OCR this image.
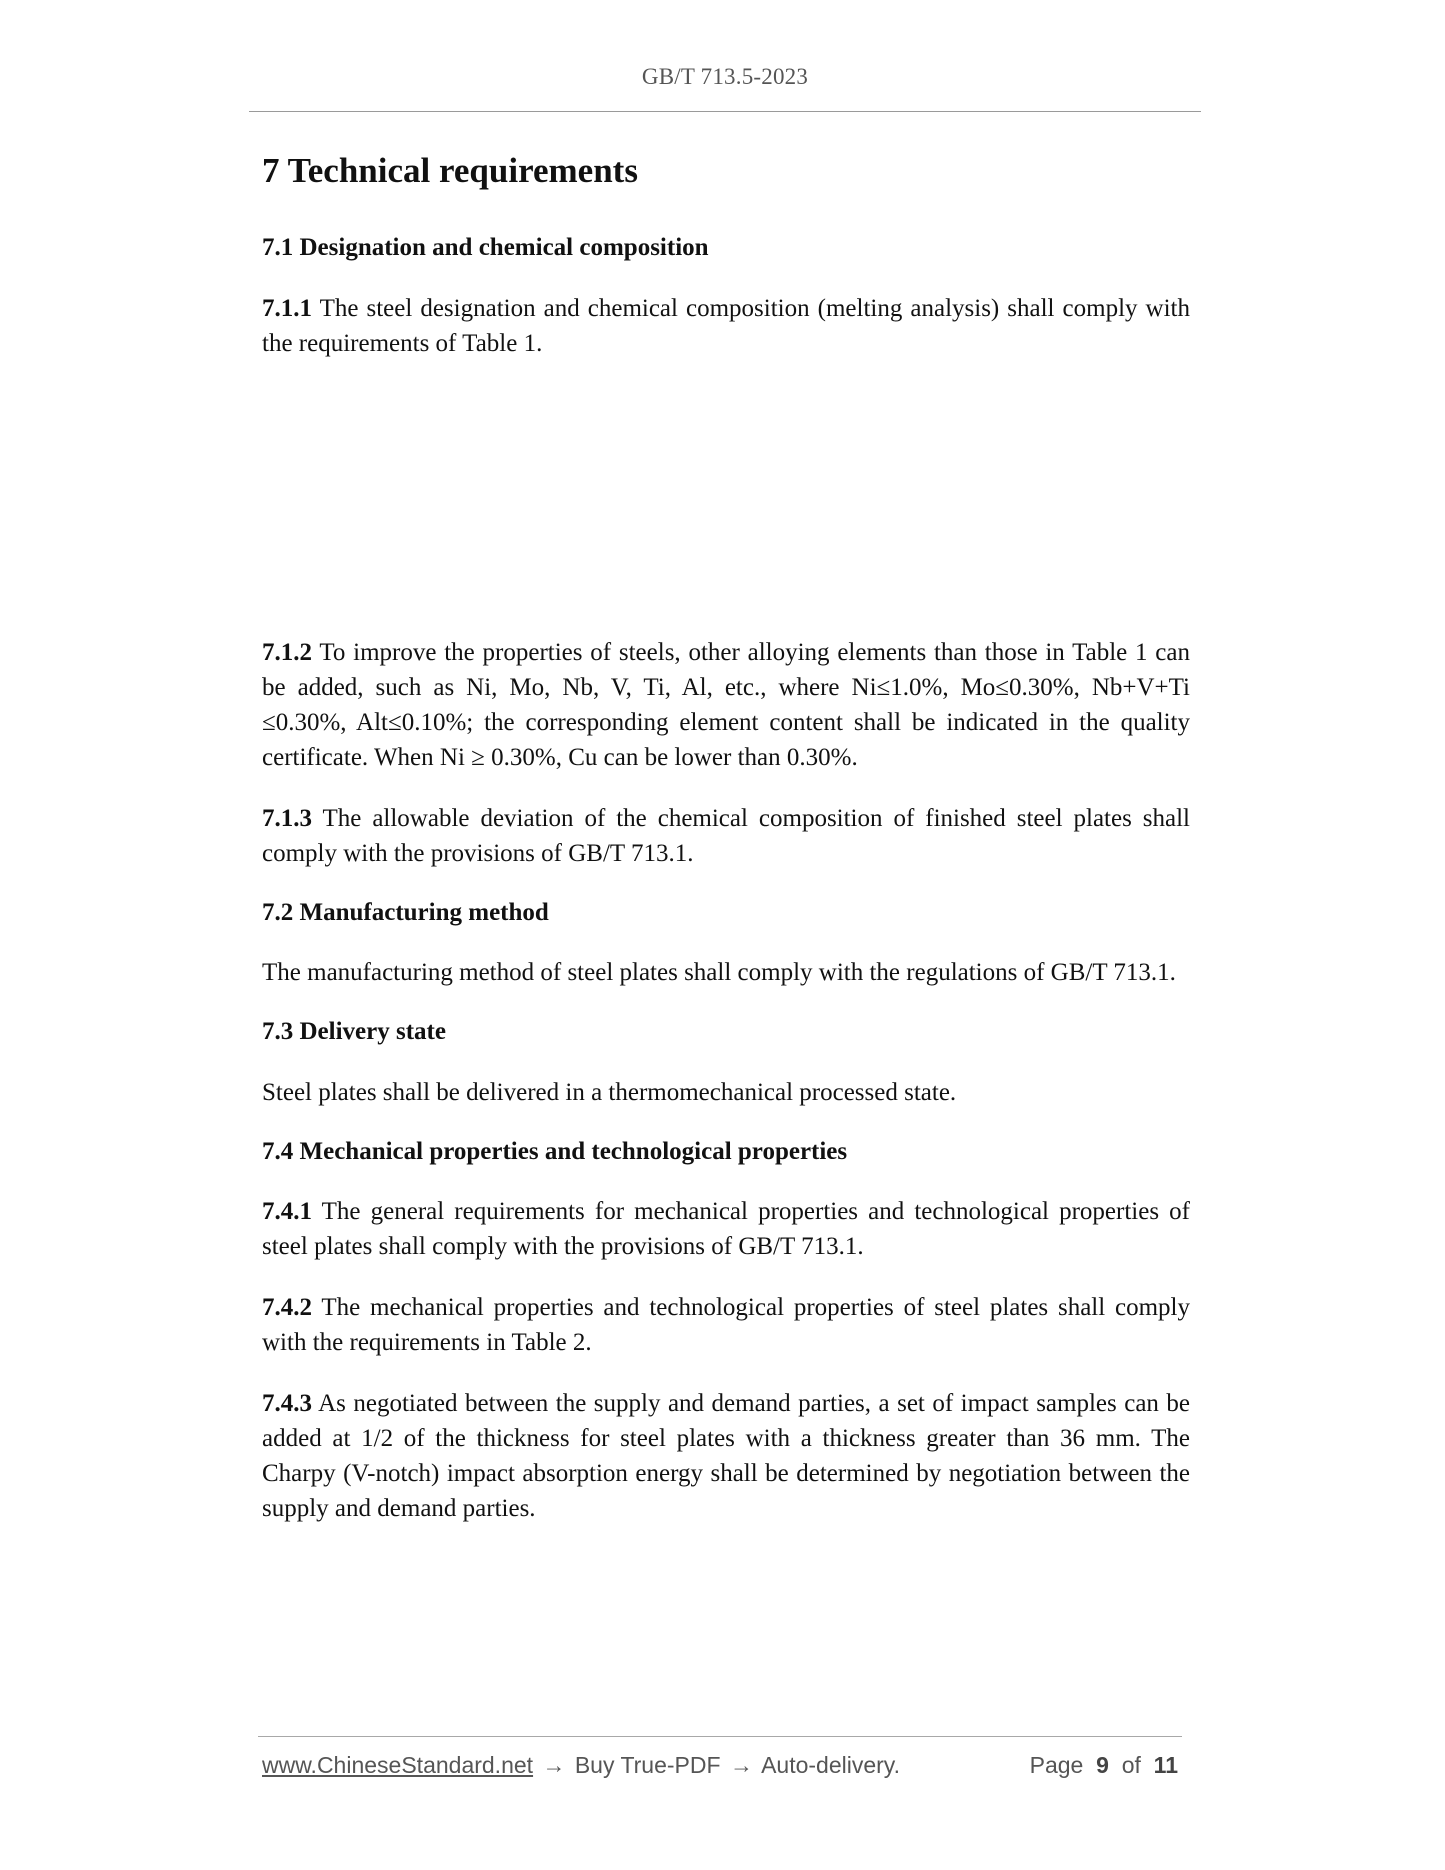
GB/T 713.5-2023
7 Technical requirements
7.1 Designation and chemical composition

7.1.1 The steel designation and chemical composition (melting analysis) shall comply with the requirements of Table 1.

7.1.2 To improve the properties of steels, other alloying elements than those in Table 1 can be added, such as Ni, Mo, Nb, V, Ti, Al, etc., where Ni≤1.0%, Mo≤0.30%, Nb+V+Ti ≤0.30%, Alt≤0.10%; the corresponding element content shall be indicated in the quality certificate. When Ni ≥ 0.30%, Cu can be lower than 0.30%.

7.1.3 The allowable deviation of the chemical composition of finished steel plates shall comply with the provisions of GB/T 713.1.

7.2 Manufacturing method

The manufacturing method of steel plates shall comply with the regulations of GB/T 713.1.

7.3 Delivery state

Steel plates shall be delivered in a thermomechanical processed state.

7.4 Mechanical properties and technological properties

7.4.1 The general requirements for mechanical properties and technological properties of steel plates shall comply with the provisions of GB/T 713.1.

7.4.2 The mechanical properties and technological properties of steel plates shall comply with the requirements in Table 2.

7.4.3 As negotiated between the supply and demand parties, a set of impact samples can be added at 1/2 of the thickness for steel plates with a thickness greater than 36 mm. The Charpy (V-notch) impact absorption energy shall be determined by negotiation between the supply and demand parties.

www.ChineseStandard.net → Buy True-PDF → Auto-delivery.	Page 9 of 11
